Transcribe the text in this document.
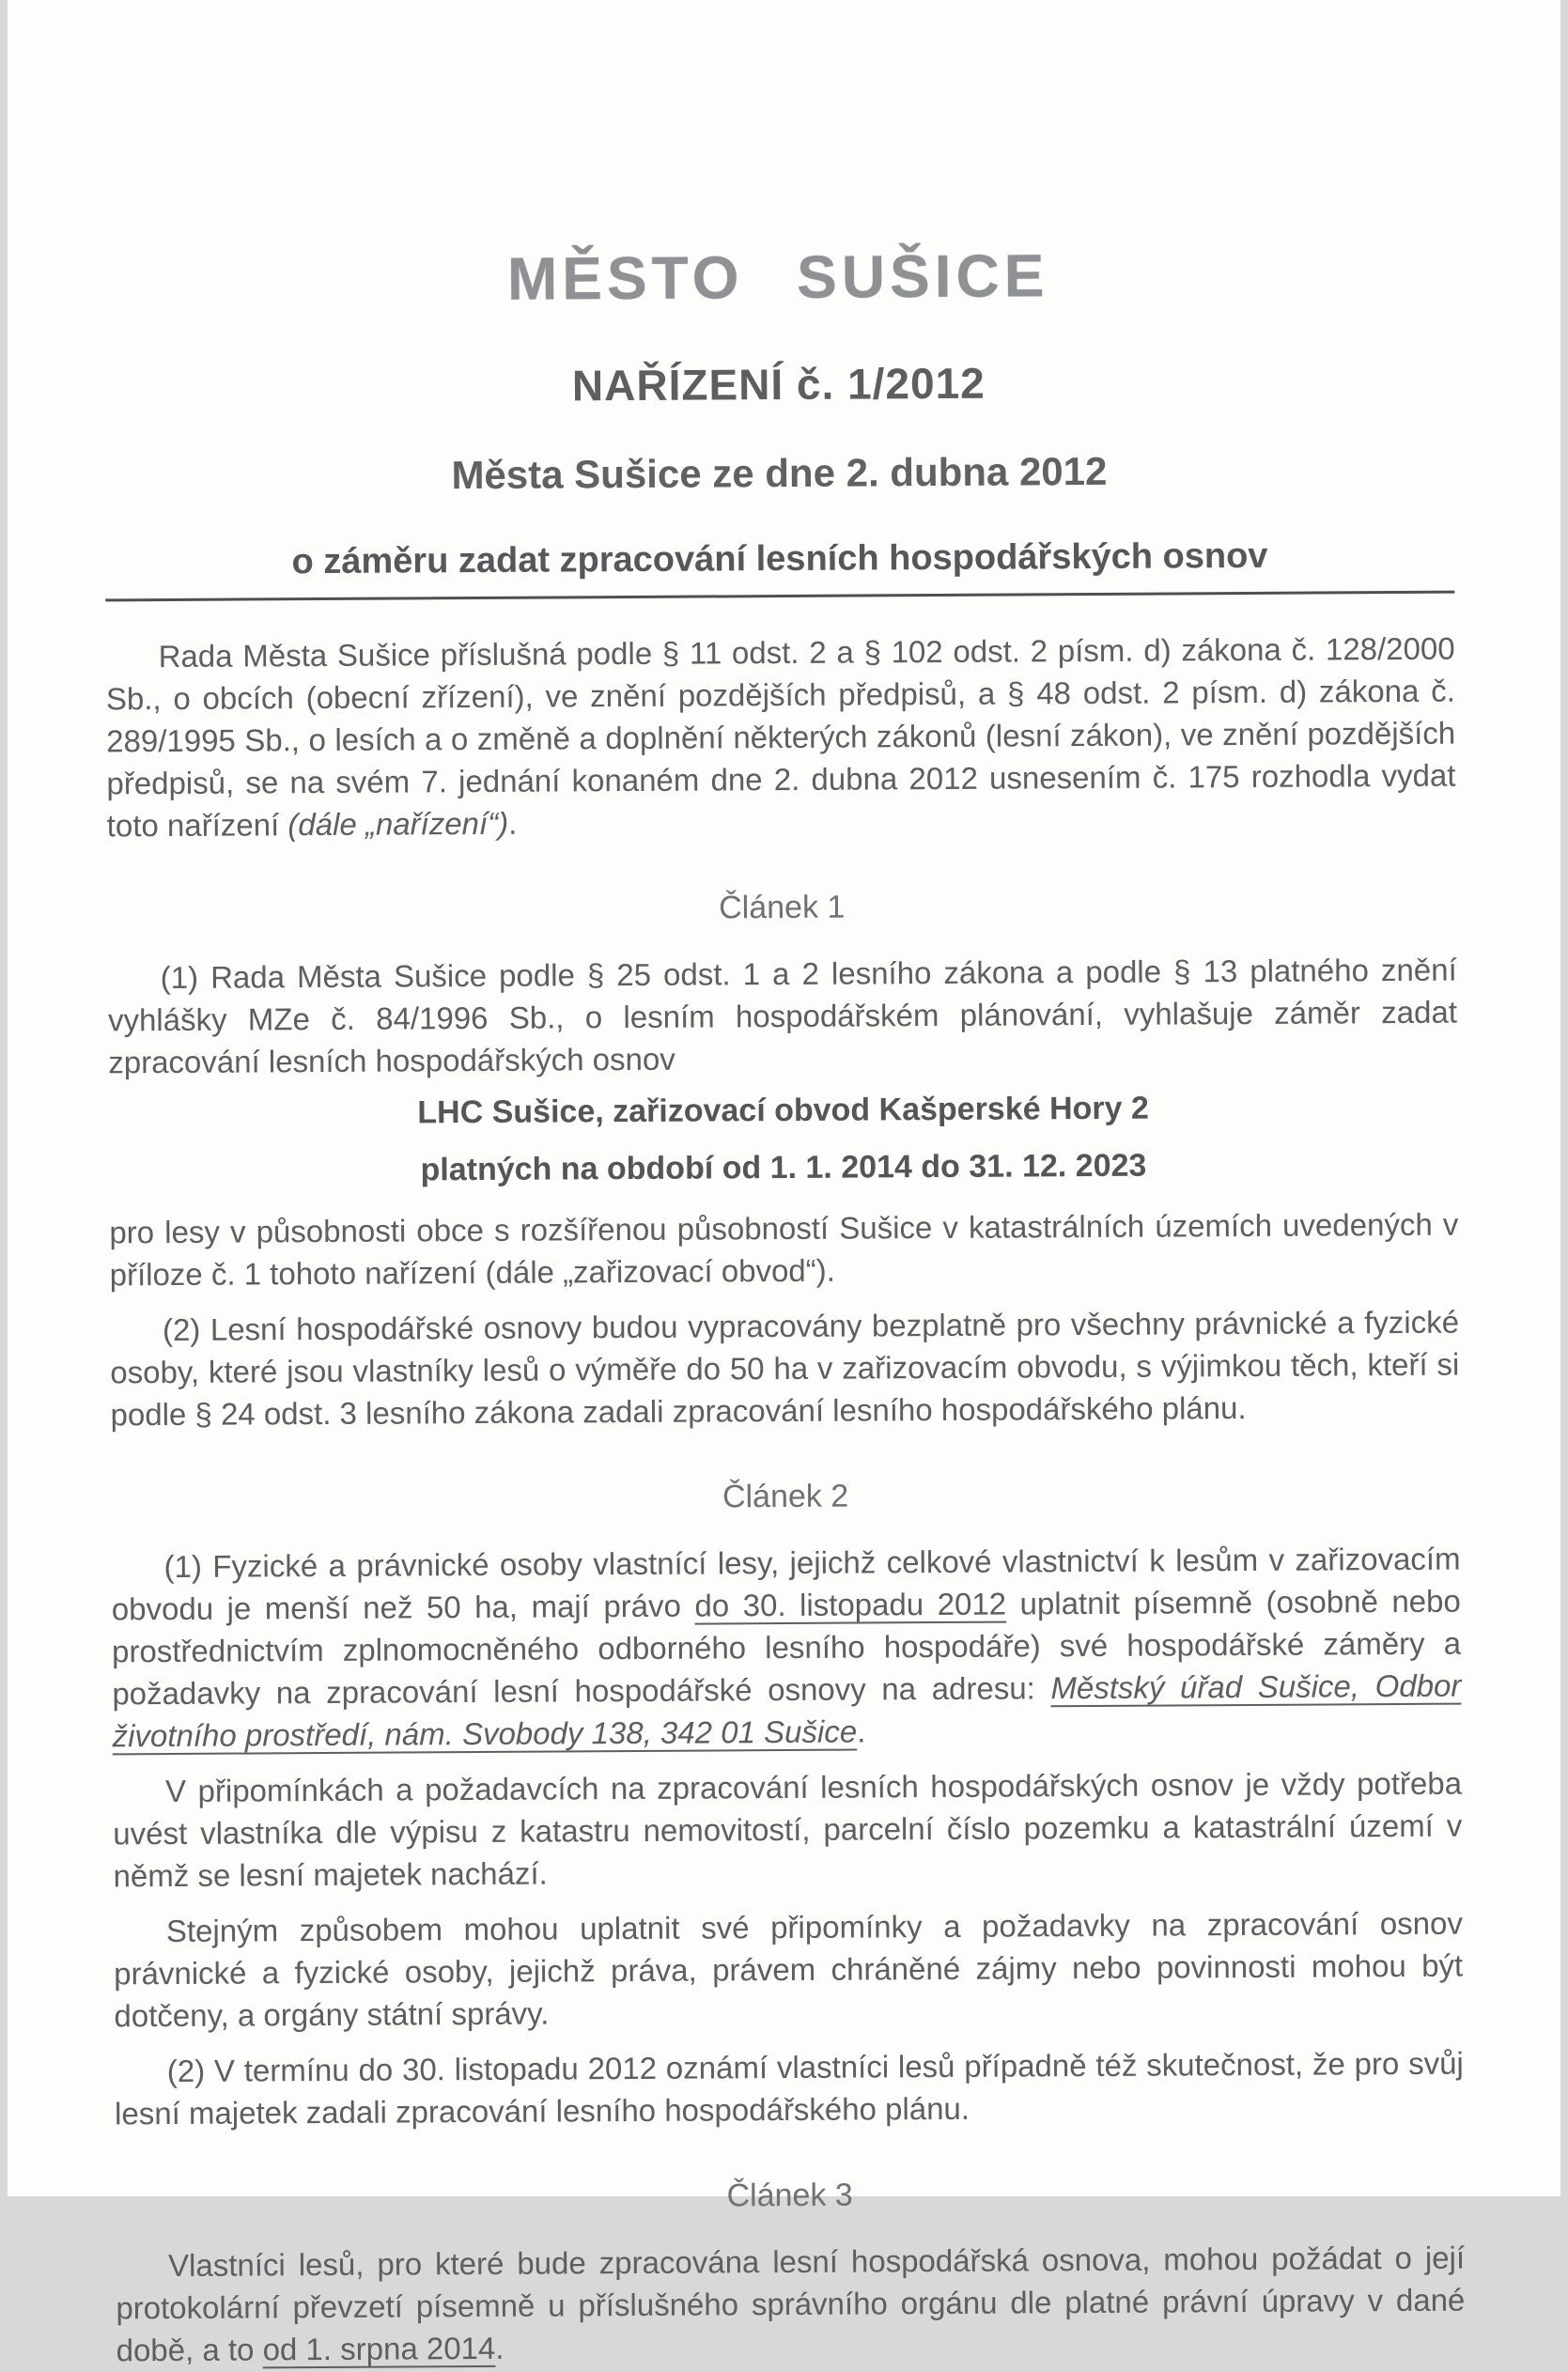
MĚSTO SUŠICE
NAŘÍZENÍ č. 1/2012
Města Sušice ze dne 2. dubna 2012
o záměru zadat zpracování lesních hospodářských osnov

Rada Města Sušice příslušná podle § 11 odst. 2 a § 102 odst. 2 písm. d) zákona č. 128/2000 Sb., o obcích (obecní zřízení), ve znění pozdějších předpisů, a § 48 odst. 2 písm. d) zákona č. 289/1995 Sb., o lesích a o změně a doplnění některých zákonů (lesní zákon), ve znění pozdějších předpisů, se na svém 7. jednání konaném dne 2. dubna 2012 usnesením č. 175 rozhodla vydat toto nařízení (dále „nařízení“).

Článek 1

(1) Rada Města Sušice podle § 25 odst. 1 a 2 lesního zákona a podle § 13 platného znění vyhlášky MZe č. 84/1996 Sb., o lesním hospodářském plánování, vyhlašuje záměr zadat zpracování lesních hospodářských osnov

LHC Sušice, zařizovací obvod Kašperské Hory 2

platných na období od 1. 1. 2014 do 31. 12. 2023

pro lesy v působnosti obce s rozšířenou působností Sušice v katastrálních územích uvedených v příloze č. 1 tohoto nařízení (dále „zařizovací obvod“).

(2) Lesní hospodářské osnovy budou vypracovány bezplatně pro všechny právnické a fyzické osoby, které jsou vlastníky lesů o výměře do 50 ha v zařizovacím obvodu, s výjimkou těch, kteří si podle § 24 odst. 3 lesního zákona zadali zpracování lesního hospodářského plánu.

Článek 2

(1) Fyzické a právnické osoby vlastnící lesy, jejichž celkové vlastnictví k lesům v zařizovacím obvodu je menší než 50 ha, mají právo do 30. listopadu 2012 uplatnit písemně (osobně nebo prostřednictvím zplnomocněného odborného lesního hospodáře) své hospodářské záměry a požadavky na zpracování lesní hospodářské osnovy na adresu: Městský úřad Sušice, Odbor životního prostředí, nám. Svobody 138, 342 01 Sušice.

V připomínkách a požadavcích na zpracování lesních hospodářských osnov je vždy potřeba uvést vlastníka dle výpisu z katastru nemovitostí, parcelní číslo pozemku a katastrální území v němž se lesní majetek nachází.

Stejným způsobem mohou uplatnit své připomínky a požadavky na zpracování osnov právnické a fyzické osoby, jejichž práva, právem chráněné zájmy nebo povinnosti mohou být dotčeny, a orgány státní správy.

(2) V termínu do 30. listopadu 2012 oznámí vlastníci lesů případně též skutečnost, že pro svůj lesní majetek zadali zpracování lesního hospodářského plánu.

Článek 3

Vlastníci lesů, pro které bude zpracována lesní hospodářská osnova, mohou požádat o její protokolární převzetí písemně u příslušného správního orgánu dle platné právní úpravy v dané době, a to od 1. srpna 2014.
